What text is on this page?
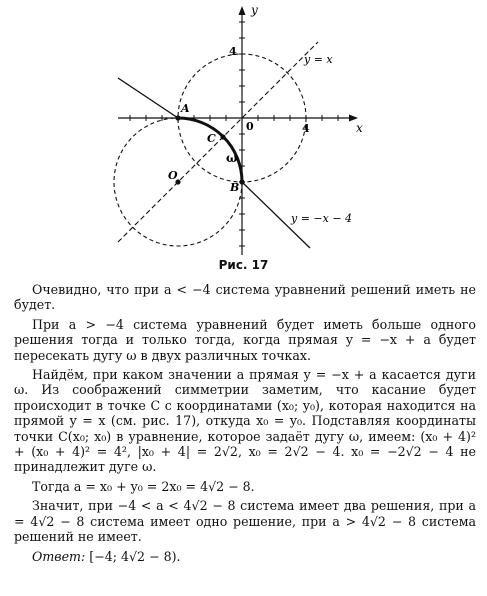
y
x
4
0	4
y = x
y = −x − 4
A
B
C
O
ω
Рис. 17

Очевидно, что при a < −4 система уравнений решений иметь не будет.

При a > −4 система уравнений будет иметь больше одного решения тогда и только тогда, когда прямая y = −x + a будет пересекать дугу ω в двух различных точках.

Найдём, при каком значении a прямая y = −x + a касается дуги ω. Из соображений симметрии заметим, что касание будет происходит в точке C с координатами (x₀; y₀), которая находится на прямой y = x (см. рис. 17), откуда x₀ = y₀. Подставляя координаты точки C(x₀; x₀) в уравнение, которое задаёт дугу ω, имеем: (x₀ + 4)² + (x₀ + 4)² = 4², |x₀ + 4| = 2√2, x₀ = 2√2 − 4. x₀ = −2√2 − 4 не принадлежит дуге ω.

Тогда a = x₀ + y₀ = 2x₀ = 4√2 − 8.

Значит, при −4 < a < 4√2 − 8 система имеет два решения, при a = 4√2 − 8 система имеет одно решение, при a > 4√2 − 8 система решений не имеет.

Ответ: [−4; 4√2 − 8).
